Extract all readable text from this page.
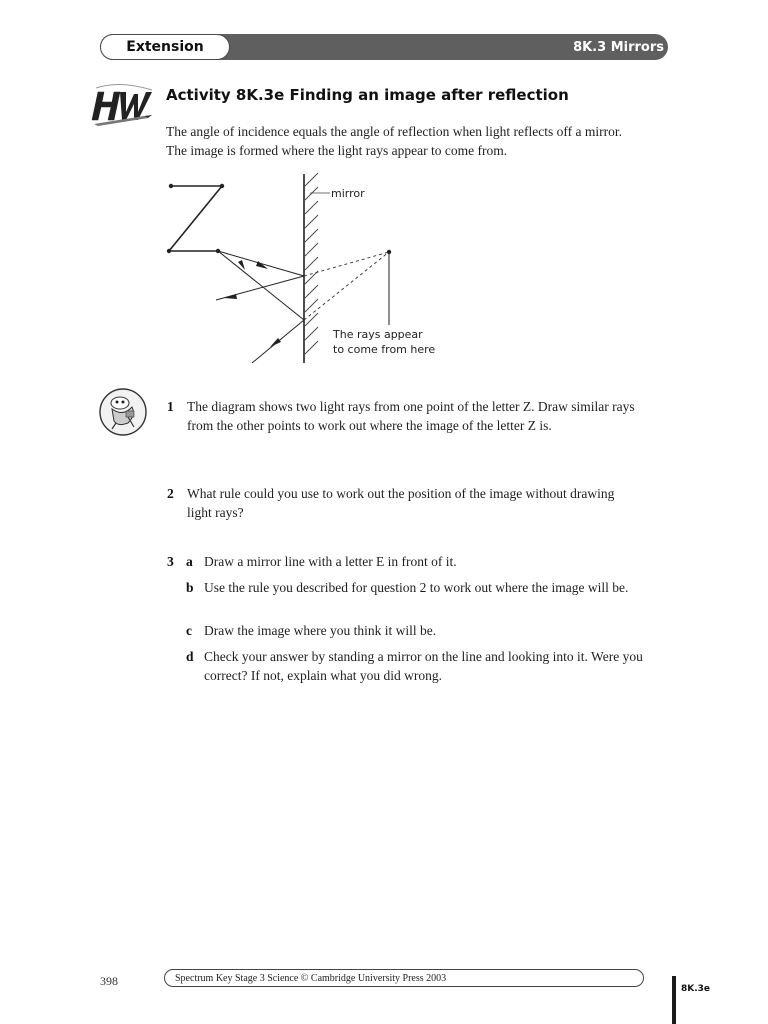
Extension	8K.3 Mirrors
Activity 8K.3e Finding an image after reflection
The angle of incidence equals the angle of reflection when light reflects off a mirror. The image is formed where the light rays appear to come from.
mirror
The rays appear
to come from here
1 The diagram shows two light rays from one point of the letter Z. Draw similar rays from the other points to work out where the image of the letter Z is.
2 What rule could you use to work out the position of the image without drawing light rays?
3 a Draw a mirror line with a letter E in front of it.
b Use the rule you described for question 2 to work out where the image will be.
c Draw the image where you think it will be.
d Check your answer by standing a mirror on the line and looking into it. Were you correct? If not, explain what you did wrong.
398	Spectrum Key Stage 3 Science © Cambridge University Press 2003
8K.3e
